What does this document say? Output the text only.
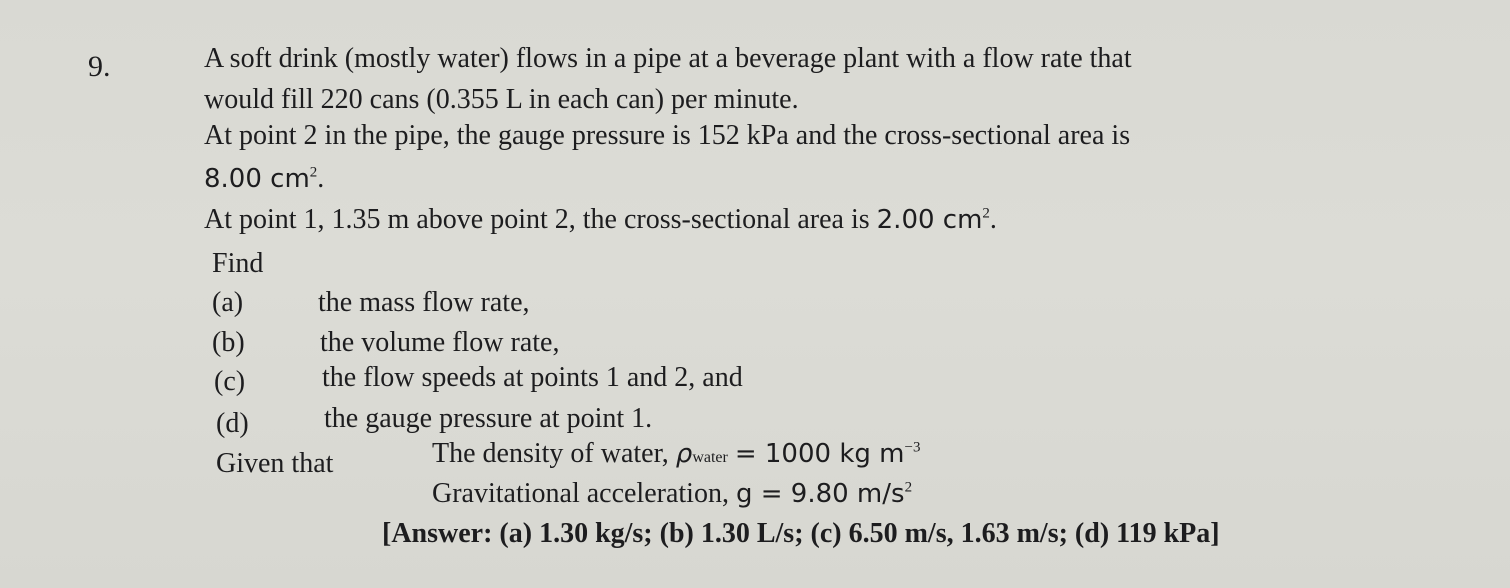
9.	A soft drink (mostly water) flows in a pipe at a beverage plant with a flow rate that
would fill 220 cans (0.355 L in each can) per minute.
At point 2 in the pipe, the gauge pressure is 152 kPa and the cross-sectional area is
8.00 $cm^2$.
At point 1, 1.35 m above point 2, the cross-sectional area is 2.00 $cm^2$.
Find
(a)	the mass flow rate,
(b)	the volume flow rate,
(c)	the flow speeds at points 1 and 2, and
(d)	the gauge pressure at point 1.
Given that	The density of water, ρwater = 1000 kg $m^{-3}$
Gravitational acceleration, g = 9.80 $m/s^2$
[Answer: (a) 1.30 kg/s; (b) 1.30 L/s; (c) 6.50 m/s, 1.63 m/s; (d) 119 kPa]
